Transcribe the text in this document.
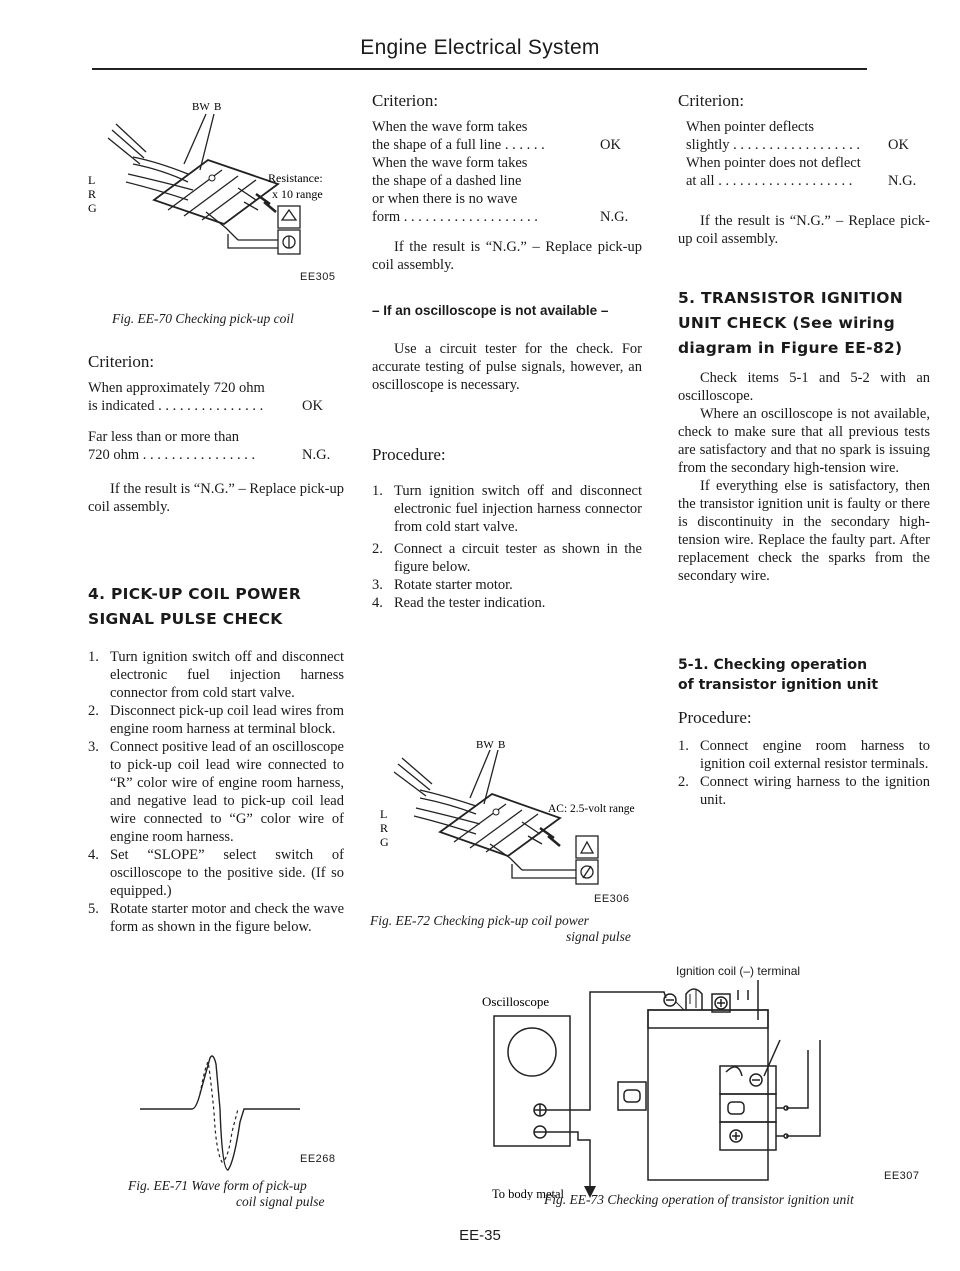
Engine Electrical System
BW B
L
R
G
Resistance:
x 10 range
EE305
Fig. EE-70 Checking pick-up coil

Criterion:

When approximately 720 ohm

is indicated . . . . . . . . . . . . . . .	OK

Far less than or more than

720 ohm . . . . . . . . . . . . . . . .	N.G.

If the result is “N.G.” – Replace pick-up coil assembly.

4. PICK-UP COIL POWER
SIGNAL PULSE CHECK
1. Turn ignition switch off and disconnect electronic fuel injection harness connector from cold start valve.
2. Disconnect pick-up coil lead wires from engine room harness at terminal block.
3. Connect positive lead of an oscilloscope to pick-up coil lead wire connected to “R” color wire of engine room harness, and negative lead to pick-up coil lead wire connected to “G” color wire of engine room harness.
4. Set “SLOPE” select switch of oscilloscope to the positive side. (If so equipped.)
5. Rotate starter motor and check the wave form as shown in the figure below.
EE268
Fig. EE-71 Wave form of pick-up
coil signal pulse

Criterion:

When the wave form takes

the shape of a full line . . . . . .	OK

When the wave form takes

the shape of a dashed line

or when there is no wave

form . . . . . . . . . . . . . . . . . . .	N.G.

If the result is “N.G.” – Replace pick-up coil assembly.

– If an oscilloscope is not available –

Use a circuit tester for the check. For accurate testing of pulse signals, however, an oscilloscope is necessary.

Procedure:

1. Turn ignition switch off and disconnect electronic fuel injection harness connector from cold start valve.
2. Connect a circuit tester as shown in the figure below.
3. Rotate starter motor.
4. Read the tester indication.
BW B
L
R
G
AC: 2.5-volt range
EE306
Fig. EE-72 Checking pick-up coil power
signal pulse

Criterion:

When pointer deflects

slightly . . . . . . . . . . . . . . . . . .	OK

When pointer does not deflect

at all . . . . . . . . . . . . . . . . . . .	N.G.

If the result is “N.G.” – Replace pick-up coil assembly.

5. TRANSISTOR IGNITION
UNIT CHECK (See wiring
diagram in Figure EE-82)

Check items 5-1 and 5-2 with an oscilloscope.

Where an oscilloscope is not available, check to make sure that all previous tests are satisfactory and that no spark is issuing from the secondary high-tension wire.

If everything else is satisfactory, then the transistor ignition unit is faulty or there is discontinuity in the secondary high-tension wire. Replace the faulty part. After replacement check the sparks from the secondary wire.

5-1. Checking operation
of transistor ignition unit

Procedure:

1. Connect engine room harness to ignition coil external resistor terminals.
2. Connect wiring harness to the ignition unit.
Ignition coil (–) terminal
Oscilloscope
To body metal
EE307
Fig. EE-73 Checking operation of transistor ignition unit
EE-35
